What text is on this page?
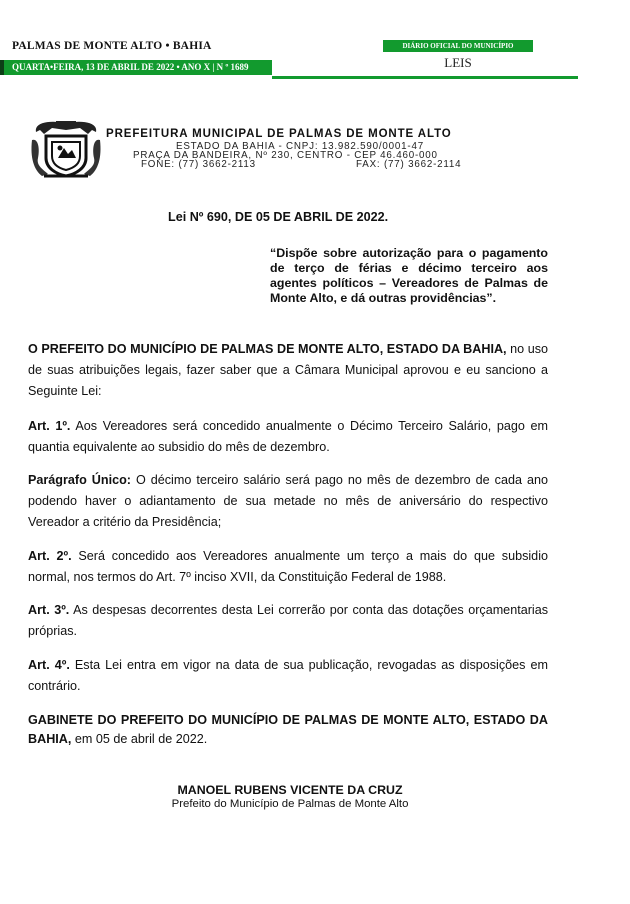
PALMAS DE MONTE ALTO • BAHIA
QUARTA•FEIRA, 13 DE ABRIL DE 2022 • ANO X | N º 1689
DIÁRIO OFICIAL DO MUNICÍPIO
LEIS
PREFEITURA MUNICIPAL DE PALMAS DE MONTE ALTO
ESTADO DA BAHIA - CNPJ: 13.982.590/0001-47
PRAÇA DA BANDEIRA, Nº 230, CENTRO - CEP 46.460-000
FONE: (77) 3662-2113	FAX: (77) 3662-2114
Lei Nº 690, DE 05 DE ABRIL DE 2022.
“Dispõe sobre autorização para o pagamento de terço de férias e décimo terceiro aos agentes políticos – Vereadores de Palmas de Monte Alto, e dá outras providências”.
O PREFEITO DO MUNICÍPIO DE PALMAS DE MONTE ALTO, ESTADO DA BAHIA, no uso de suas atribuições legais, fazer saber que a Câmara Municipal aprovou e eu sanciono a Seguinte Lei:
Art. 1º. Aos Vereadores será concedido anualmente o Décimo Terceiro Salário, pago em quantia equivalente ao subsidio do mês de dezembro.
Parágrafo Único: O décimo terceiro salário será pago no mês de dezembro de cada ano podendo haver o adiantamento de sua metade no mês de aniversário do respectivo Vereador a critério da Presidência;
Art. 2º. Será concedido aos Vereadores anualmente um terço a mais do que subsidio normal, nos termos do Art. 7º inciso XVII, da Constituição Federal de 1988.
Art. 3º. As despesas decorrentes desta Lei correrão por conta das dotações orçamentarias próprias.
Art. 4º. Esta Lei entra em vigor na data de sua publicação, revogadas as disposições em contrário.
GABINETE DO PREFEITO DO MUNICÍPIO DE PALMAS DE MONTE ALTO, ESTADO DA BAHIA, em 05 de abril de 2022.
MANOEL RUBENS VICENTE DA CRUZ
Prefeito do Município de Palmas de Monte Alto
